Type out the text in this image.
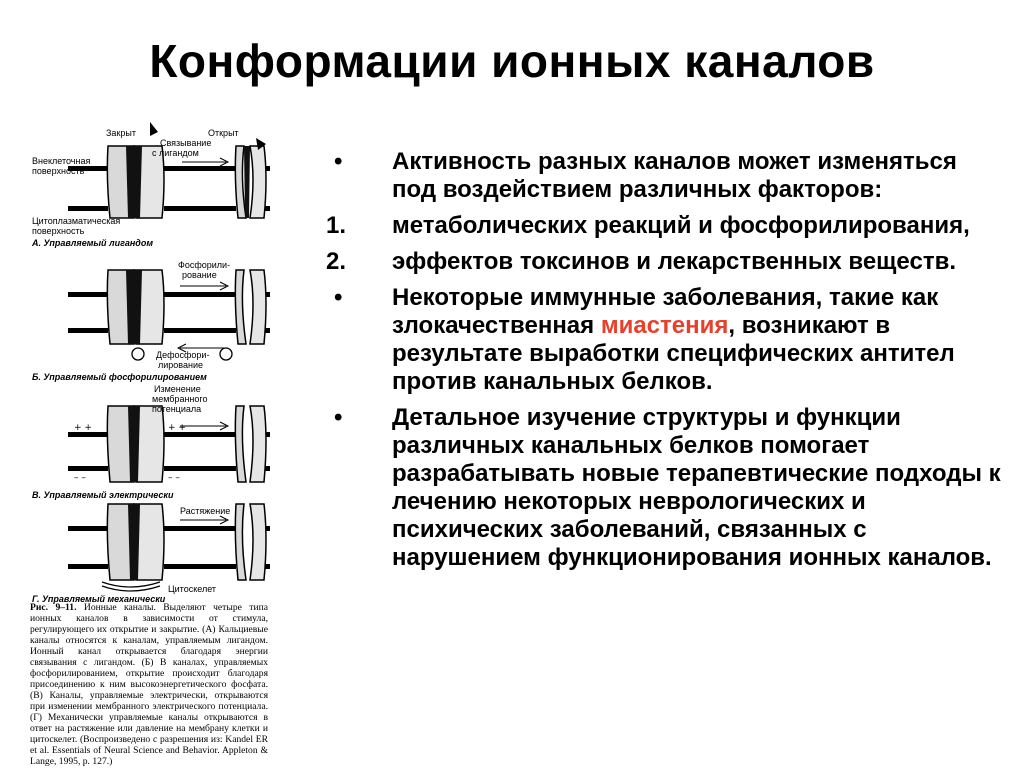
Конформации ионных каналов
Закрыт	Открыт
Связывание
с лигандом
Внеклеточная
поверхность
Цитоплазматическая
поверхность
А. Управляемый лигандом
Фосфорили-
рование
Дефосфори-
лирование
Б. Управляемый фосфорилированием
+ +	+ +
– –	– –
Изменение
мембранного
потенциала
В. Управляемый электрически
Растяжение
Цитоскелет
Г. Управляемый механически
Рис. 9–11. Ионные каналы. Выделяют четыре типа ионных каналов в зависимости от стимула, регулирующего их открытие и закрытие. (А) Кальциевые каналы относятся к каналам, управляемым лигандом. Ионный канал открывается благодаря энергии связывания с лигандом. (Б) В каналах, управляемых фосфорилированием, открытие происходит благодаря присоединению к ним высокоэнергетического фосфата. (В) Каналы, управляемые электрически, открываются при изменении мембранного электрического потенциала. (Г) Механически управляемые каналы открываются в ответ на растяжение или давление на мембрану клетки и цитоскелет. (Воспроизведено с разрешения из: Kandel ER et al. Essentials of Neural Science and Behavior. Appleton & Lange, 1995, p. 127.)
•	Активность разных каналов может изменяться под воздействием различных факторов:
1.	метаболических реакций и фосфорилирования,
2.	эффектов токсинов и лекарственных веществ.
•	Некоторые иммунные заболевания, такие как злокачественная миастения, возникают в результате выработки специфических антител против канальных белков.
•	Детальное изучение структуры и функции различных канальных белков помогает разрабатывать новые терапевтические подходы к лечению некоторых неврологических и психических заболеваний, связанных с нарушением функционирования ионных каналов.
